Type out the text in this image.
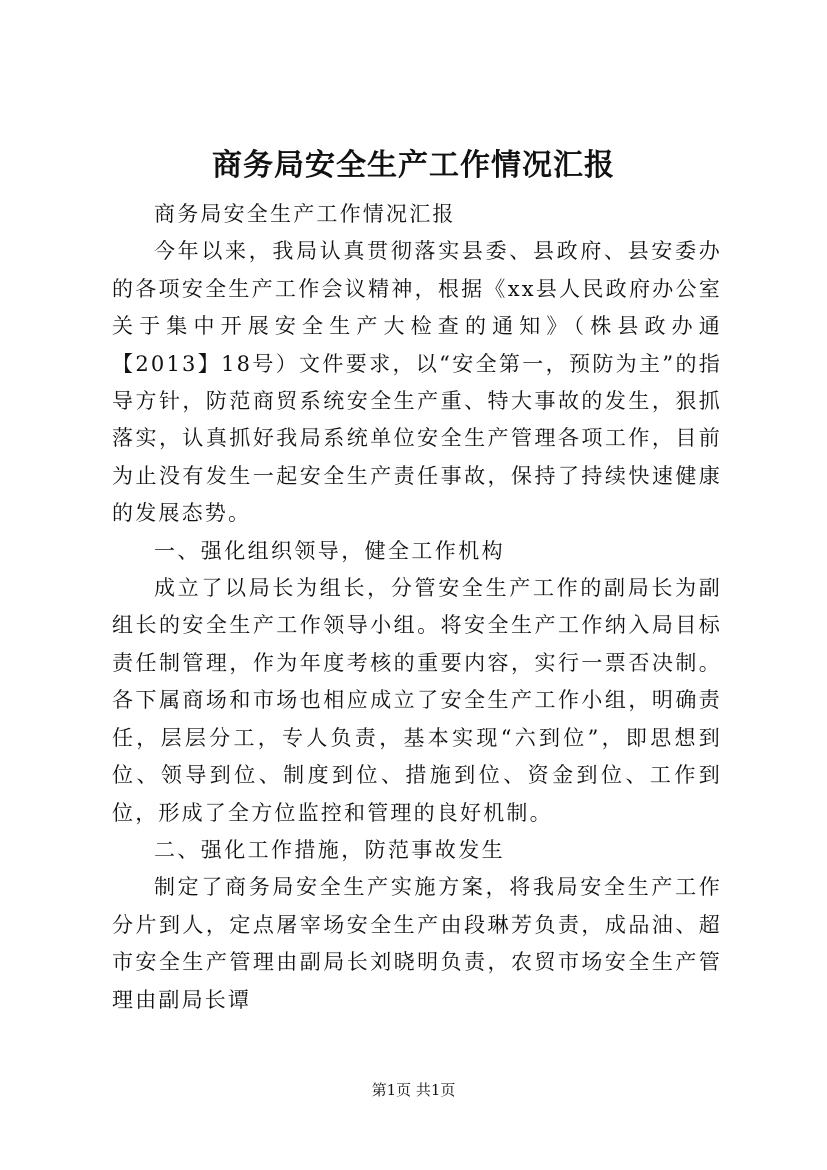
商务局安全生产工作情况汇报

商务局安全生产工作情况汇报

今年以来，我局认真贯彻落实县委、县政府、县安委办的各项安全生产工作会议精神，根据《xx县人民政府办公室关于集中开展安全生产大检查的通知》（株县政办通【2013】18号）文件要求，以“安全第一，预防为主”的指导方针，防范商贸系统安全生产重、特大事故的发生，狠抓落实，认真抓好我局系统单位安全生产管理各项工作，目前为止没有发生一起安全生产责任事故，保持了持续快速健康的发展态势。

一、强化组织领导，健全工作机构

成立了以局长为组长，分管安全生产工作的副局长为副组长的安全生产工作领导小组。将安全生产工作纳入局目标责任制管理，作为年度考核的重要内容，实行一票否决制。各下属商场和市场也相应成立了安全生产工作小组，明确责任，层层分工，专人负责，基本实现“六到位”，即思想到位、领导到位、制度到位、措施到位、资金到位、工作到位，形成了全方位监控和管理的良好机制。

二、强化工作措施，防范事故发生

制定了商务局安全生产实施方案，将我局安全生产工作分片到人，定点屠宰场安全生产由段琳芳负责，成品油、超市安全生产管理由副局长刘晓明负责，农贸市场安全生产管理由副局长谭

第1页 共1页
